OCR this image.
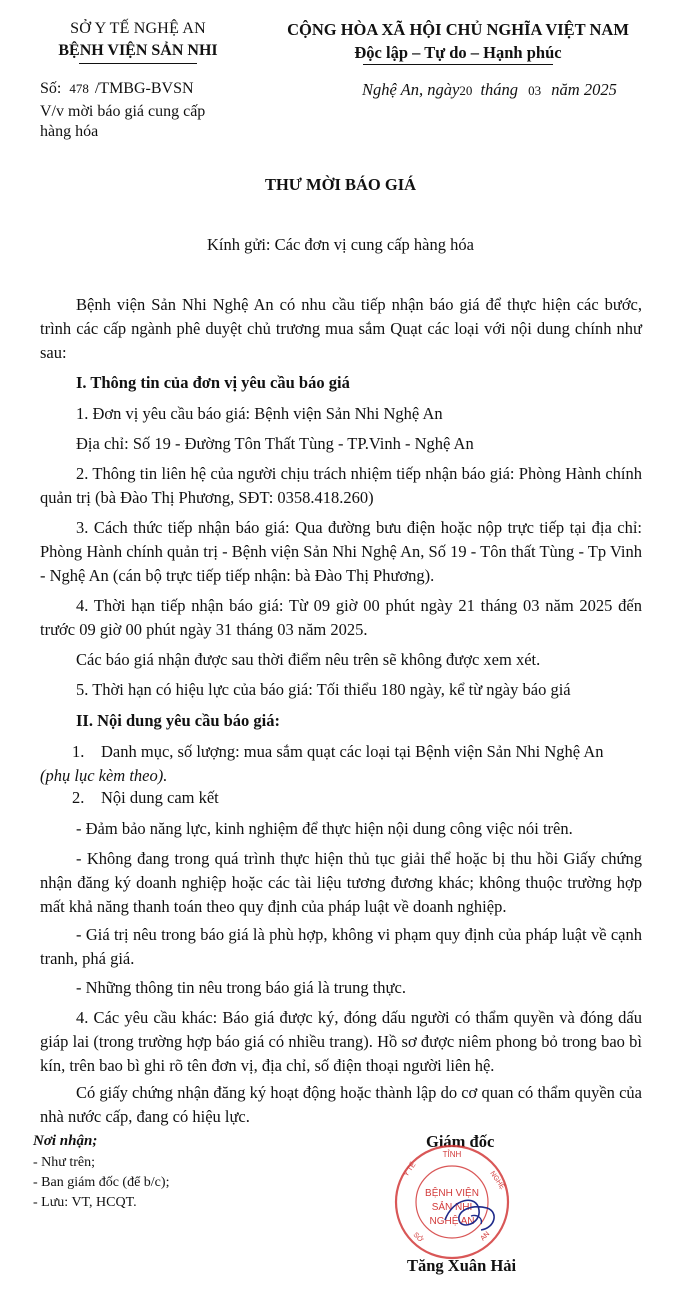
SỞ Y TẾ NGHỆ AN
BỆNH VIỆN SẢN NHI
CỘNG HÒA XÃ HỘI CHỦ NGHĨA VIỆT NAM
Độc lập – Tự do – Hạnh phúc
Số: 478 /TMBG-BVSN
V/v mời báo giá cung cấp
hàng hóa
Nghệ An, ngày20 tháng 03 năm 2025
THƯ MỜI BÁO GIÁ
Kính gửi: Các đơn vị cung cấp hàng hóa
Bệnh viện Sản Nhi Nghệ An có nhu cầu tiếp nhận báo giá để thực hiện các bước, trình các cấp ngành phê duyệt chủ trương mua sắm Quạt các loại với nội dung chính như sau:
I. Thông tin của đơn vị yêu cầu báo giá
1. Đơn vị yêu cầu báo giá: Bệnh viện Sản Nhi Nghệ An
Địa chỉ: Số 19 - Đường Tôn Thất Tùng - TP.Vinh - Nghệ An
2. Thông tin liên hệ của người chịu trách nhiệm tiếp nhận báo giá: Phòng Hành chính quản trị (bà Đào Thị Phương, SĐT: 0358.418.260)
3. Cách thức tiếp nhận báo giá: Qua đường bưu điện hoặc nộp trực tiếp tại địa chỉ: Phòng Hành chính quản trị - Bệnh viện Sản Nhi Nghệ An, Số 19 - Tôn thất Tùng - Tp Vinh - Nghệ An (cán bộ trực tiếp tiếp nhận: bà Đào Thị Phương).
4. Thời hạn tiếp nhận báo giá: Từ 09 giờ 00 phút ngày 21 tháng 03 năm 2025 đến trước 09 giờ 00 phút ngày 31 tháng 03 năm 2025.
Các báo giá nhận được sau thời điểm nêu trên sẽ không được xem xét.
5. Thời hạn có hiệu lực của báo giá: Tối thiểu 180 ngày, kể từ ngày báo giá
II. Nội dung yêu cầu báo giá:
1. Danh mục, số lượng: mua sắm quạt các loại tại Bệnh viện Sản Nhi Nghệ An
(phụ lục kèm theo).
2. Nội dung cam kết
- Đảm bảo năng lực, kinh nghiệm để thực hiện nội dung công việc nói trên.
- Không đang trong quá trình thực hiện thủ tục giải thể hoặc bị thu hồi Giấy chứng nhận đăng ký doanh nghiệp hoặc các tài liệu tương đương khác; không thuộc trường hợp mất khả năng thanh toán theo quy định của pháp luật về doanh nghiệp.
- Giá trị nêu trong báo giá là phù hợp, không vi phạm quy định của pháp luật về cạnh tranh, phá giá.
- Những thông tin nêu trong báo giá là trung thực.
4. Các yêu cầu khác: Báo giá được ký, đóng dấu người có thẩm quyền và đóng dấu giáp lai (trong trường hợp báo giá có nhiều trang). Hồ sơ được niêm phong bỏ trong bao bì kín, trên bao bì ghi rõ tên đơn vị, địa chỉ, số điện thoại người liên hệ.
Có giấy chứng nhận đăng ký hoạt động hoặc thành lập do cơ quan có thẩm quyền của nhà nước cấp, đang có hiệu lực.
Nơi nhận;
- Như trên;
- Ban giám đốc (để b/c);
- Lưu: VT, HCQT.
Giám đốc
TỈNH
Y TẾ
NGHỆ
SỞ	AN
BỆNH VIỆN
SẢN NHI
NGHỆ AN
Tăng Xuân Hải
